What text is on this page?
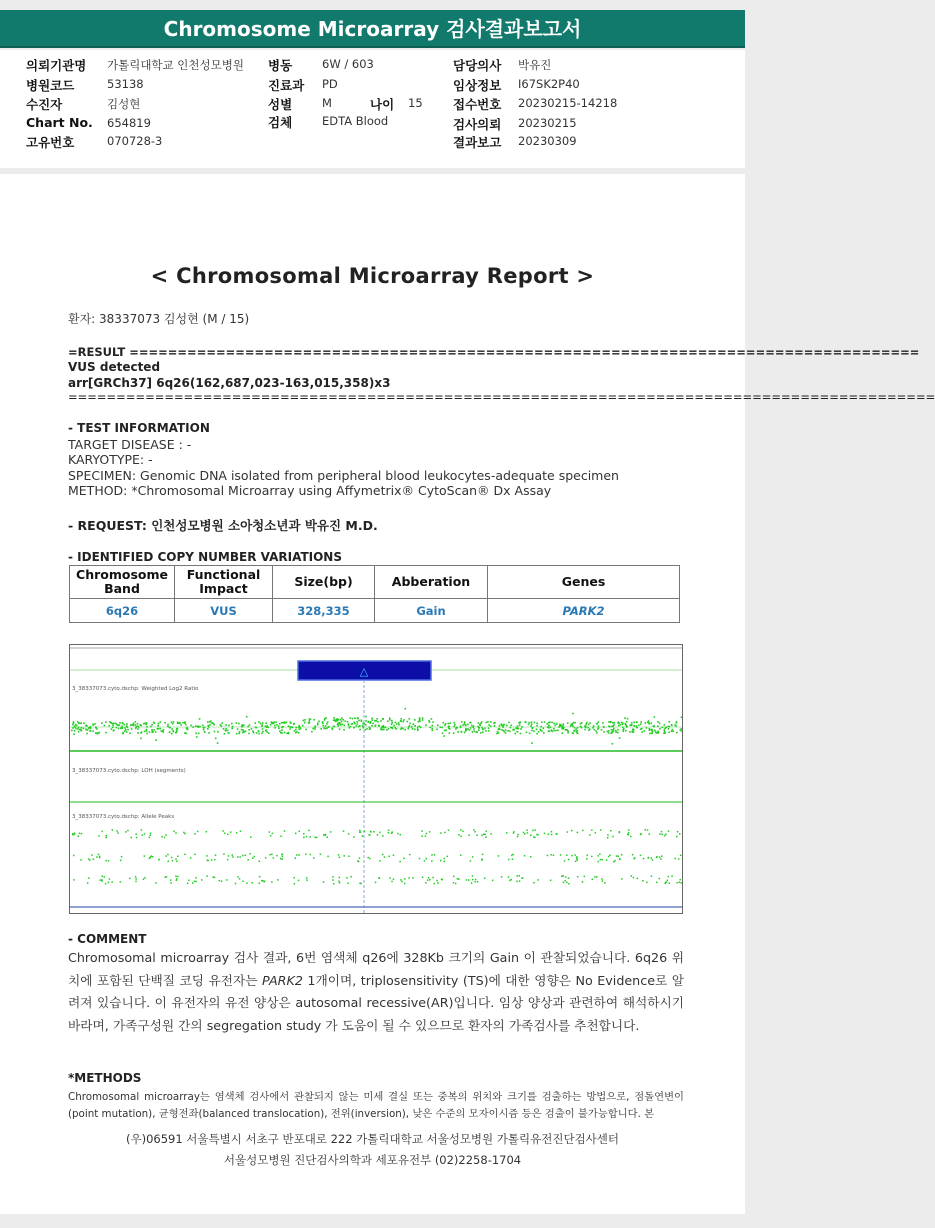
Chromosome Microarray 검사결과보고서
의뢰기관명 가톨릭대학교 인천성모병원
병원코드	53138
수진자	김성현
Chart No. 654819
고유번호	070728-3
병동	6W / 603
진료과 PD
성별	M	나이 15
검체	EDTA Blood
담당의사 박유진
임상정보 I67SK2P40
접수번호 20230215-14218
검사의뢰 20230215
결과보고 20230309
< Chromosomal Microarray Report >
환자: 38337073 김성현 (M / 15)
=RESULT ==================================================================================
VUS detected
arr[GRCh37] 6q26(162,687,023-163,015,358)x3
==========================================================================================
- TEST INFORMATION
TARGET DISEASE : -
KARYOTYPE: -
SPECIMEN: Genomic DNA isolated from peripheral blood leukocytes-adequate specimen
METHOD: *Chromosomal Microarray using Affymetrix® CytoScan® Dx Assay
- REQUEST: 인천성모병원 소아청소년과 박유진 M.D.
- IDENTIFIED COPY NUMBER VARIATIONS
Chromosome Band	Functional Impact	Size(bp)	Abberation	Genes
6q26	VUS	328,335	Gain	PARK2
△
3_38337073.cyto.dschp: Weighted Log2 Ratio
3_38337073.cyto.dschp: LOH (segments)
3_38337073.cyto.dschp: Allele Peaks
- COMMENT
Chromosomal microarray 검사 결과, 6번 염색체 q26에 328Kb 크기의 Gain 이 관찰되었습니다. 6q26 위치에 포함된 단백질 코딩 유전자는 PARK2 1개이며, triplosensitivity (TS)에 대한 영향은 No Evidence로 알려져 있습니다. 이 유전자의 유전 양상은 autosomal recessive(AR)입니다. 임상 양상과 관련하여 해석하시기 바라며, 가족구성원 간의 segregation study 가 도움이 될 수 있으므로 환자의 가족검사를 추천합니다.
*METHODS
Chromosomal microarray는 염색체 검사에서 관찰되지 않는 미세 결실 또는 중복의 위치와 크기를 검출하는 방법으로, 점돌연변이(point mutation), 균형전좌(balanced translocation), 전위(inversion), 낮은 수준의 모자이시즘 등은 검출이 불가능합니다. 본
(우)06591 서울특별시 서초구 반포대로 222 가톨릭대학교 서울성모병원 가톨릭유전진단검사센터
서울성모병원 진단검사의학과 세포유전부 (02)2258-1704
